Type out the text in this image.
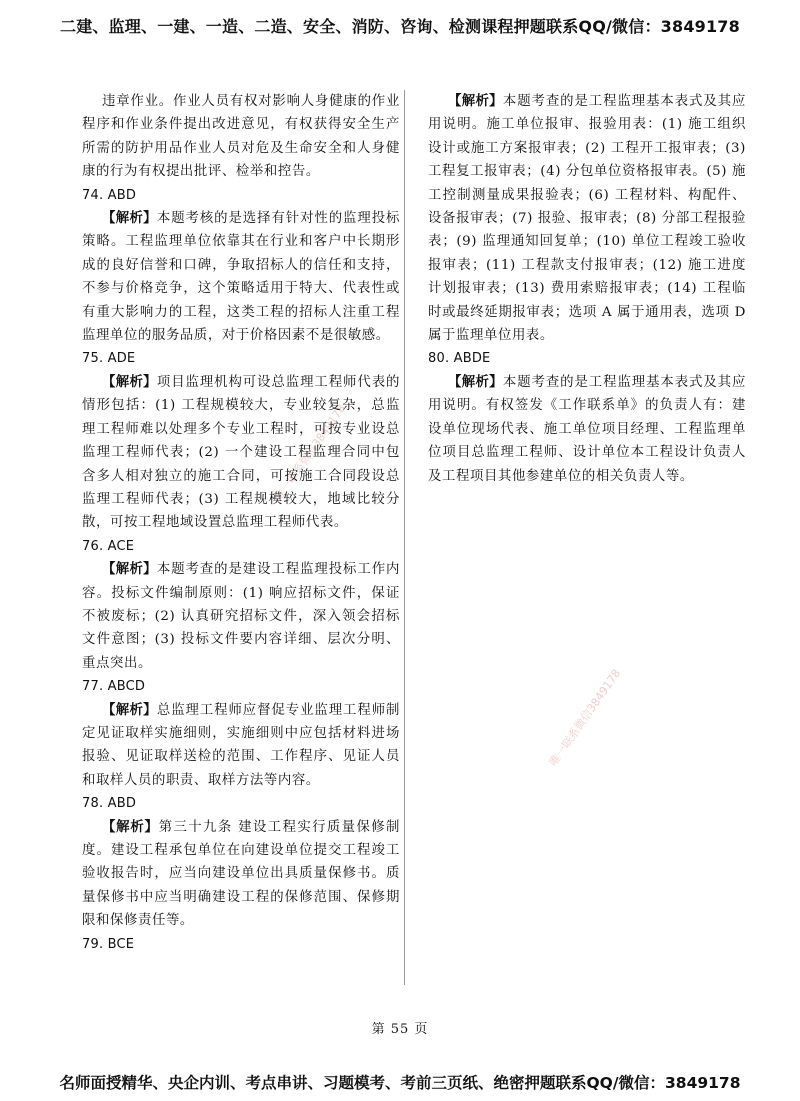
二建、监理、一建、一造、二造、安全、消防、咨询、检测课程押题联系QQ/微信：3849178
唯一联系微信3849178
唯一联系微信3849178

违章作业。作业人员有权对影响人身健康的作业程序和作业条件提出改进意见，有权获得安全生产所需的防护用品作业人员对危及生命安全和人身健康的行为有权提出批评、检举和控告。

74. ABD

【解析】本题考核的是选择有针对性的监理投标策略。工程监理单位依靠其在行业和客户中长期形成的良好信誉和口碑，争取招标人的信任和支持，不参与价格竞争，这个策略适用于特大、代表性或有重大影响力的工程，这类工程的招标人注重工程监理单位的服务品质，对于价格因素不是很敏感。

75. ADE

【解析】项目监理机构可设总监理工程师代表的情形包括：(1) 工程规模较大，专业较复杂，总监理工程师难以处理多个专业工程时，可按专业设总监理工程师代表；(2) 一个建设工程监理合同中包含多人相对独立的施工合同，可按施工合同段设总监理工程师代表；(3) 工程规模较大，地域比较分散，可按工程地域设置总监理工程师代表。

76. ACE

【解析】本题考查的是建设工程监理投标工作内容。投标文件编制原则：(1) 响应招标文件，保证不被废标；(2) 认真研究招标文件，深入领会招标文件意图；(3) 投标文件要内容详细、层次分明、重点突出。

77. ABCD

【解析】总监理工程师应督促专业监理工程师制定见证取样实施细则，实施细则中应包括材料进场报验、见证取样送检的范围、工作程序、见证人员和取样人员的职责、取样方法等内容。

78. ABD

【解析】第三十九条 建设工程实行质量保修制度。建设工程承包单位在向建设单位提交工程竣工验收报告时，应当向建设单位出具质量保修书。质量保修书中应当明确建设工程的保修范围、保修期限和保修责任等。

79. BCE

【解析】本题考查的是工程监理基本表式及其应用说明。施工单位报审、报验用表：(1) 施工组织设计或施工方案报审表；(2) 工程开工报审表；(3) 工程复工报审表；(4) 分包单位资格报审表。(5) 施工控制测量成果报验表；(6) 工程材料、构配件、设备报审表；(7) 报验、报审表；(8) 分部工程报验表；(9) 监理通知回复单；(10) 单位工程竣工验收报审表；(11) 工程款支付报审表；(12) 施工进度计划报审表；(13) 费用索赔报审表；(14) 工程临时或最终延期报审表；选项 A 属于通用表，选项 D 属于监理单位用表。

80. ABDE

【解析】本题考查的是工程监理基本表式及其应用说明。有权签发《工作联系单》的负责人有：建设单位现场代表、施工单位项目经理、工程监理单位项目总监理工程师、设计单位本工程设计负责人及工程项目其他参建单位的相关负责人等。

第 55 页
名师面授精华、央企内训、考点串讲、习题模考、考前三页纸、绝密押题联系QQ/微信：3849178
